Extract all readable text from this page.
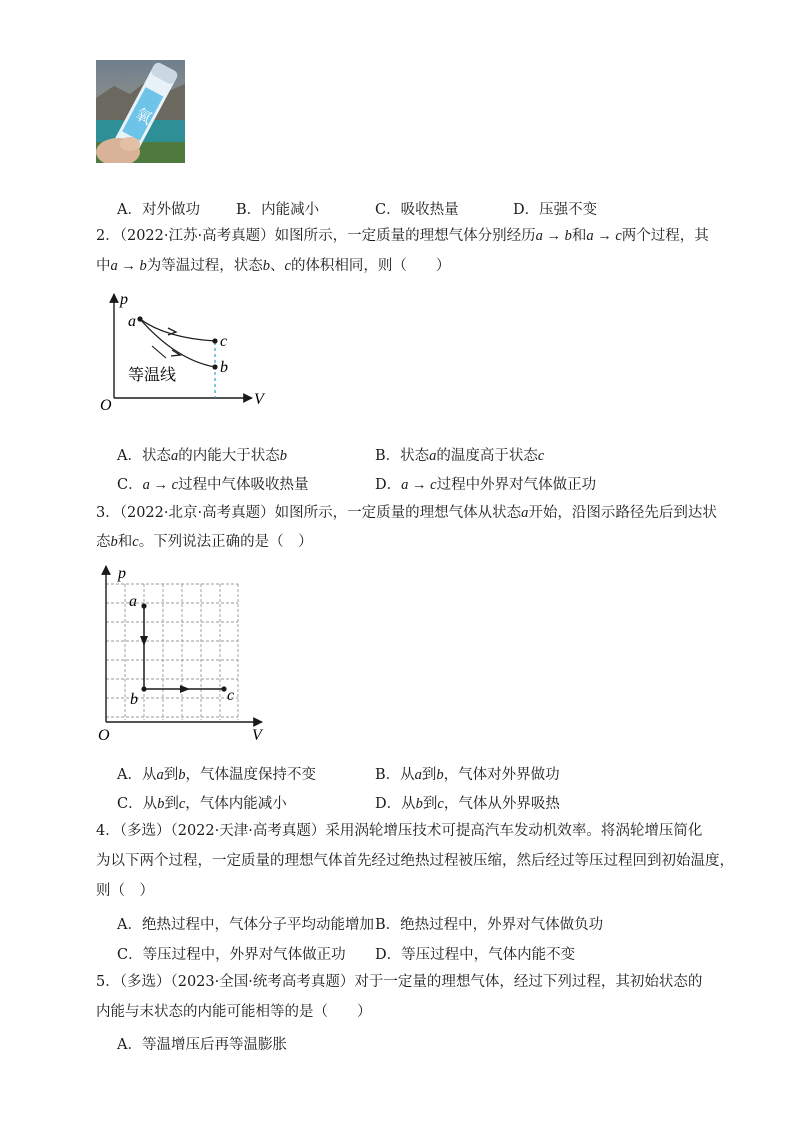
氧
A．对外做功 B．内能减小	C．吸收热量	D．压强不变
2．（2022·江苏·高考真题）如图所示，一定质量的理想气体分别经历a → b和a → c两个过程，其
中a → b为等温过程，状态b、c的体积相同，则（　　）
p
V
O
a
c
b
等温线
A．状态a的内能大于状态b	B．状态a的温度高于状态c
C．a → c过程中气体吸收热量	D．a → c过程中外界对气体做正功
3．（2022·北京·高考真题）如图所示，一定质量的理想气体从状态a开始，沿图示路径先后到达状
态b和c。下列说法正确的是（　）
p
V
O
a
b	c
A．从a到b，气体温度保持不变	B．从a到b，气体对外界做功
C．从b到c，气体内能减小	D．从b到c，气体从外界吸热
4．（多选）（2022·天津·高考真题）采用涡轮增压技术可提高汽车发动机效率。将涡轮增压简化
为以下两个过程，一定质量的理想气体首先经过绝热过程被压缩，然后经过等压过程回到初始温度，
则（　）
A．绝热过程中，气体分子平均动能增加 B．绝热过程中，外界对气体做负功
C．等压过程中，外界对气体做正功 D．等压过程中，气体内能不变
5．（多选）（2023·全国·统考高考真题）对于一定量的理想气体，经过下列过程，其初始状态的
内能与末状态的内能可能相等的是（　　）
A．等温增压后再等温膨胀
